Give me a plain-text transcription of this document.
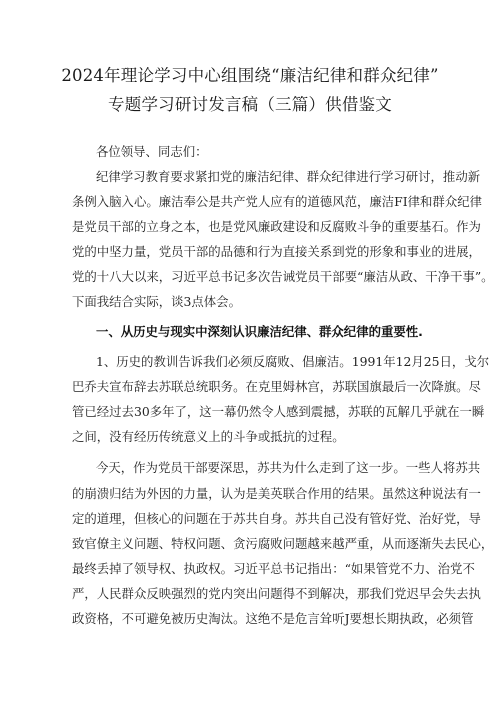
2024年理论学习中心组围绕“廉洁纪律和群众纪律”
专题学习研讨发言稿（三篇）供借鉴文
各位领导、同志们：
纪律学习教育要求紧扣党的廉洁纪律、群众纪律进行学习研讨，推动新
条例入脑入心。廉洁奉公是共产党人应有的道德风范，廉洁FI律和群众纪律
是党员干部的立身之本，也是党风廉政建设和反腐败斗争的重要基石。作为
党的中坚力量，党员干部的品德和行为直接关系到党的形象和事业的进展，
党的十八大以来，习近平总书记多次告诫党员干部要“廉洁从政、干净干事”。
下面我结合实际，谈3点体会。
一、从历史与现实中深刻认识廉洁纪律、群众纪律的重要性.
1、历史的教训告诉我们必须反腐败、倡廉洁。1991年12月25日，戈尔
巴乔夫宣布辞去苏联总统职务。在克里姆林宫，苏联国旗最后一次降旗。尽
管已经过去30多年了，这一幕仍然令人感到震撼，苏联的瓦解几乎就在一瞬
之间，没有经历传统意义上的斗争或抵抗的过程。
今天，作为党员干部要深思，苏共为什么走到了这一步。一些人将苏共
的崩溃归结为外因的力量，认为是美英联合作用的结果。虽然这种说法有一
定的道理，但核心的问题在于苏共自身。苏共自己没有管好党、治好党，导
致官僚主义问题、特权问题、贪污腐败问题越来越严重，从而逐渐失去民心，
最终丢掉了领导权、执政权。习近平总书记指出：“如果管党不力、治党不
严，人民群众反映强烈的党内突出问题得不到解决，那我们党迟早会失去执
政资格，不可避免被历史淘汰。这绝不是危言耸听J要想长期执政，必须管
